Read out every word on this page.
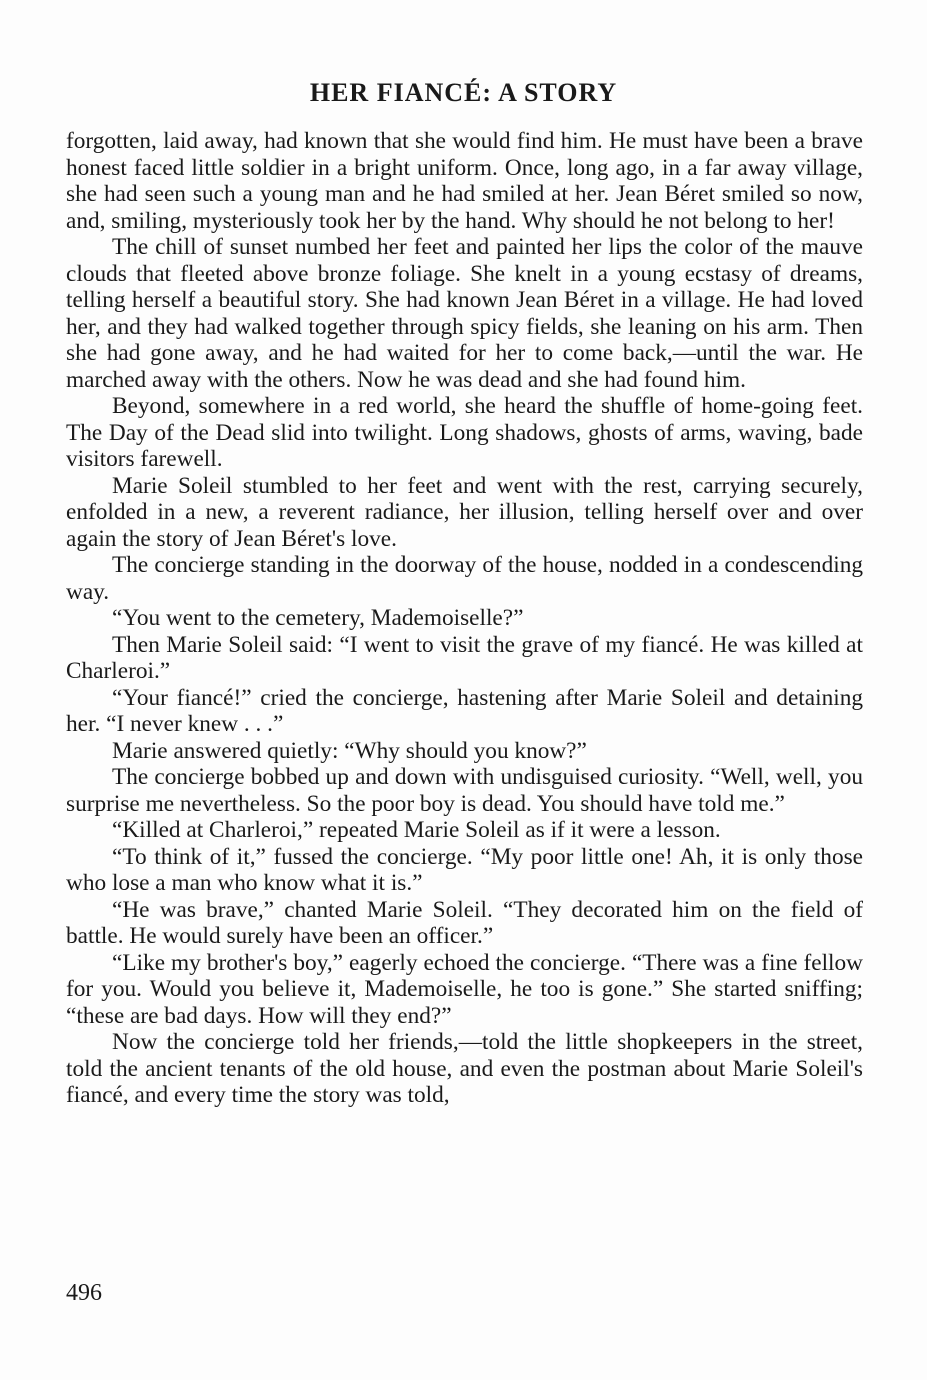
HER FIANCÉ: A STORY

forgotten, laid away, had known that she would find him. He must have been a brave honest faced little soldier in a bright uniform. Once, long ago, in a far away village, she had seen such a young man and he had smiled at her. Jean Béret smiled so now, and, smiling, mysteriously took her by the hand. Why should he not belong to her!

The chill of sunset numbed her feet and painted her lips the color of the mauve clouds that fleeted above bronze foliage. She knelt in a young ecstasy of dreams, telling herself a beautiful story. She had known Jean Béret in a village. He had loved her, and they had walked together through spicy fields, she leaning on his arm. Then she had gone away, and he had waited for her to come back,—until the war. He marched away with the others. Now he was dead and she had found him.

Beyond, somewhere in a red world, she heard the shuffle of home-going feet. The Day of the Dead slid into twilight. Long shadows, ghosts of arms, waving, bade visitors farewell.

Marie Soleil stumbled to her feet and went with the rest, carrying securely, enfolded in a new, a reverent radiance, her illusion, telling herself over and over again the story of Jean Béret's love.

The concierge standing in the doorway of the house, nodded in a condescending way.

“You went to the cemetery, Mademoiselle?”

Then Marie Soleil said: “I went to visit the grave of my fiancé. He was killed at Charleroi.”

“Your fiancé!” cried the concierge, hastening after Marie Soleil and detaining her. “I never knew . . .”

Marie answered quietly: “Why should you know?”

The concierge bobbed up and down with undisguised curiosity. “Well, well, you surprise me nevertheless. So the poor boy is dead. You should have told me.”

“Killed at Charleroi,” repeated Marie Soleil as if it were a lesson.

“To think of it,” fussed the concierge. “My poor little one! Ah, it is only those who lose a man who know what it is.”

“He was brave,” chanted Marie Soleil. “They decorated him on the field of battle. He would surely have been an officer.”

“Like my brother's boy,” eagerly echoed the concierge. “There was a fine fellow for you. Would you believe it, Mademoiselle, he too is gone.” She started sniffing; “these are bad days. How will they end?”

Now the concierge told her friends,—told the little shopkeepers in the street, told the ancient tenants of the old house, and even the postman about Marie Soleil's fiancé, and every time the story was told,

496
